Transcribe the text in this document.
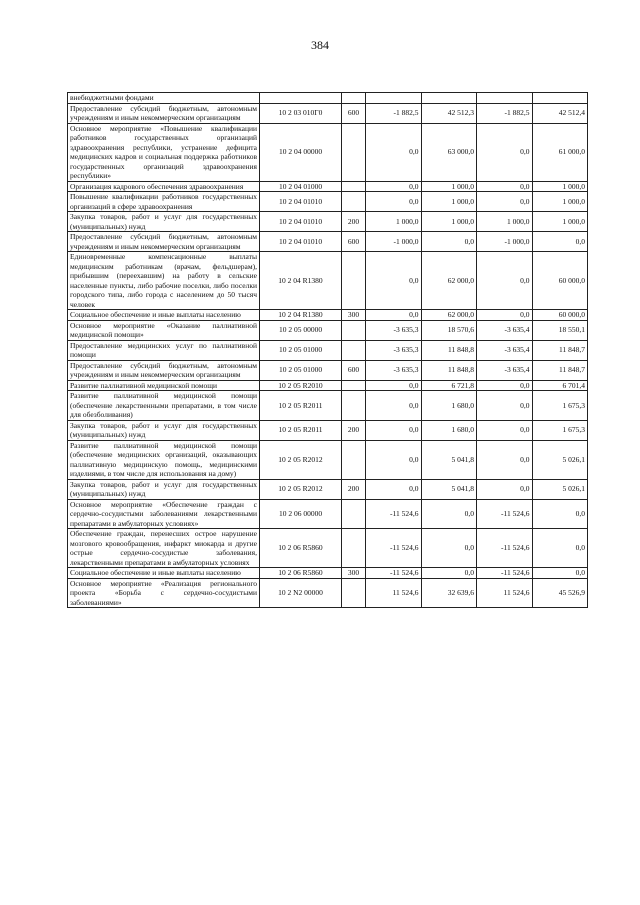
384
внебюджетными фондами						
Предоставление субсидий бюджетным, автономным учреждениям и иным некоммерческим организациям	10 2 03 010Г0	600	-1 882,5	42 512,3	-1 882,5	42 512,4
Основное мероприятие «Повышение квалификации работников государственных организаций здравоохранения республики, устранение дефицита медицинских кадров и социальная поддержка работников государственных организаций здравоохранения республики»	10 2 04 00000		0,0	63 000,0	0,0	61 000,0
Организация кадрового обеспечения здравоохранения	10 2 04 01000		0,0	1 000,0	0,0	1 000,0
Повышение квалификации работников государственных организаций в сфере здравоохранения	10 2 04 01010		0,0	1 000,0	0,0	1 000,0
Закупка товаров, работ и услуг для государственных (муниципальных) нужд	10 2 04 01010	200	1 000,0	1 000,0	1 000,0	1 000,0
Предоставление субсидий бюджетным, автономным учреждениям и иным некоммерческим организациям	10 2 04 01010	600	-1 000,0	0,0	-1 000,0	0,0
Единовременные компенсационные выплаты медицинским работникам (врачам, фельдшерам), прибывшим (переехавшим) на работу в сельские населенные пункты, либо рабочие поселки, либо поселки городского типа, либо города с населением до 50 тысяч человек	10 2 04 R1380		0,0	62 000,0	0,0	60 000,0
Социальное обеспечение и иные выплаты населению	10 2 04 R1380	300	0,0	62 000,0	0,0	60 000,0
Основное мероприятие «Оказание паллиативной медицинской помощи»	10 2 05 00000		-3 635,3	18 570,6	-3 635,4	18 550,1
Предоставление медицинских услуг по паллиативной помощи	10 2 05 01000		-3 635,3	11 848,8	-3 635,4	11 848,7
Предоставление субсидий бюджетным, автономным учреждениям и иным некоммерческим организациям	10 2 05 01000	600	-3 635,3	11 848,8	-3 635,4	11 848,7
Развитие паллиативной медицинской помощи	10 2 05 R2010		0,0	6 721,8	0,0	6 701,4
Развитие паллиативной медицинской помощи (обеспечение лекарственными препаратами, в том числе для обезболивания)	10 2 05 R2011		0,0	1 680,0	0,0	1 675,3
Закупка товаров, работ и услуг для государственных (муниципальных) нужд	10 2 05 R2011	200	0,0	1 680,0	0,0	1 675,3
Развитие паллиативной медицинской помощи (обеспечение медицинских организаций, оказывающих паллиативную медицинскую помощь, медицинскими изделиями, в том числе для использования на дому)	10 2 05 R2012		0,0	5 041,8	0,0	5 026,1
Закупка товаров, работ и услуг для государственных (муниципальных) нужд	10 2 05 R2012	200	0,0	5 041,8	0,0	5 026,1
Основное мероприятие «Обеспечение граждан с сердечно-сосудистыми заболеваниями лекарственными препаратами в амбулаторных условиях»	10 2 06 00000		-11 524,6	0,0	-11 524,6	0,0
Обеспечение граждан, перенесших острое нарушение мозгового кровообращения, инфаркт миокарда и другие острые сердечно-сосудистые заболевания, лекарственными препаратами в амбулаторных условиях	10 2 06 R5860		-11 524,6	0,0	-11 524,6	0,0
Социальное обеспечение и иные выплаты населению	10 2 06 R5860	300	-11 524,6	0,0	-11 524,6	0,0
Основное мероприятие «Реализация регионального проекта «Борьба с сердечно-сосудистыми заболеваниями»	10 2 N2 00000		11 524,6	32 639,6	11 524,6	45 526,9
